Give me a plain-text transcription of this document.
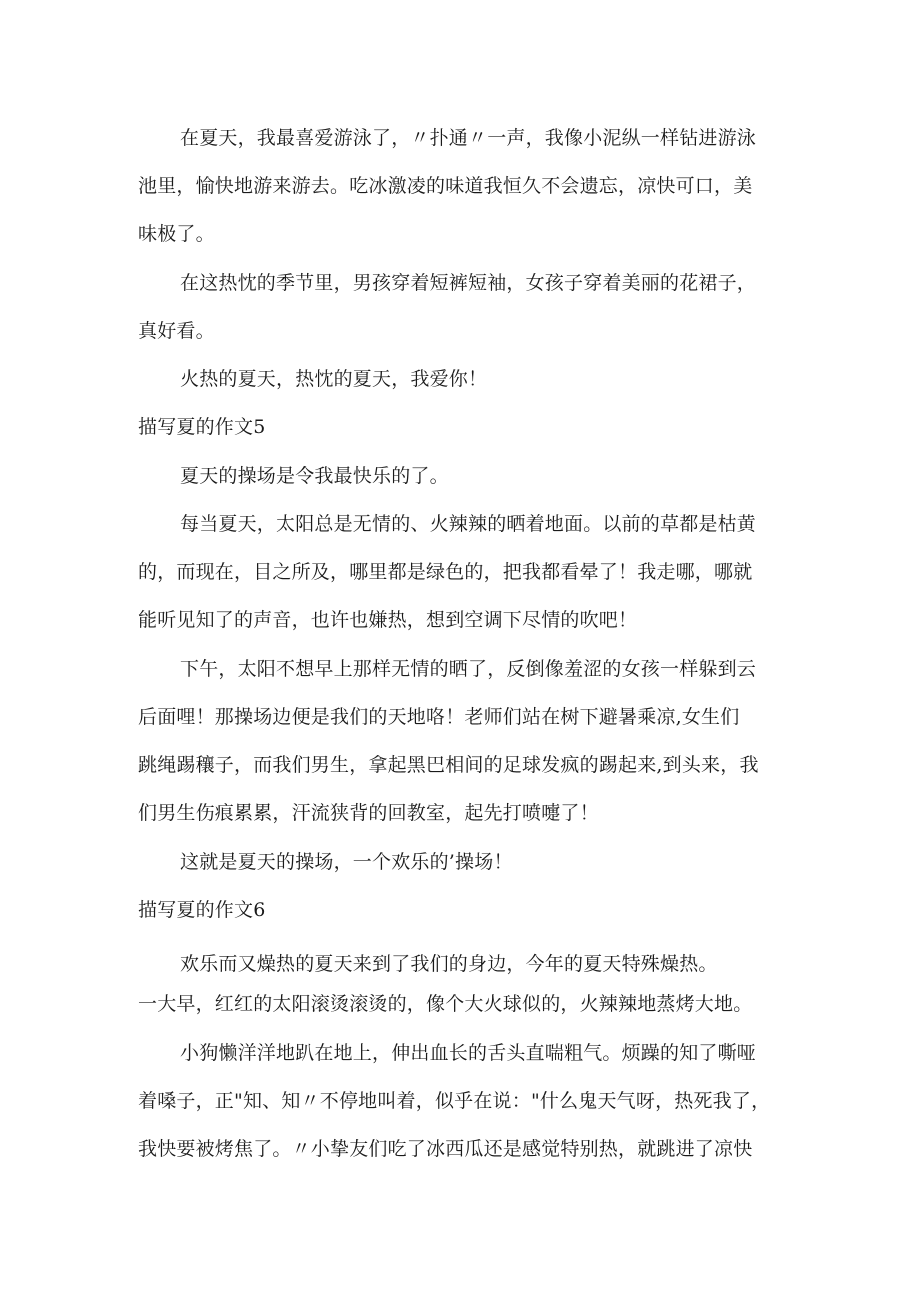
在夏天，我最喜爱游泳了，〃扑通〃一声，我像小泥纵一样钻进游泳
池里，愉快地游来游去。吃冰激凌的味道我恒久不会遗忘，凉快可口，美
味极了。
在这热忱的季节里，男孩穿着短裤短袖，女孩子穿着美丽的花裙子，
真好看。
火热的夏天，热忱的夏天，我爱你！
描写夏的作文5
夏天的操场是令我最快乐的了。
每当夏天，太阳总是无情的、火辣辣的晒着地面。以前的草都是枯黄
的，而现在，目之所及，哪里都是绿色的，把我都看晕了！我走哪，哪就
能听见知了的声音，也许也嫌热，想到空调下尽情的吹吧！
下午，太阳不想早上那样无情的晒了，反倒像羞涩的女孩一样躲到云
后面哩！那操场边便是我们的天地咯！老师们站在树下避暑乘凉,女生们
跳绳踢穰子，而我们男生，拿起黑巴相间的足球发疯的踢起来,到头来，我
们男生伤痕累累，汗流狭背的回教室，起先打喷嚏了！
这就是夏天的操场，一个欢乐的’操场！
描写夏的作文6
欢乐而又燥热的夏天来到了我们的身边，今年的夏天特殊燥热。
一大早，红红的太阳滚烫滚烫的，像个大火球似的，火辣辣地蒸烤大地。
小狗懒洋洋地趴在地上，伸出血长的舌头直喘粗气。烦躁的知了嘶哑
着嗓子，正"知、知〃不停地叫着，似乎在说："什么鬼天气呀，热死我了，
我快要被烤焦了。〃小挚友们吃了冰西瓜还是感觉特别热，就跳进了凉快
